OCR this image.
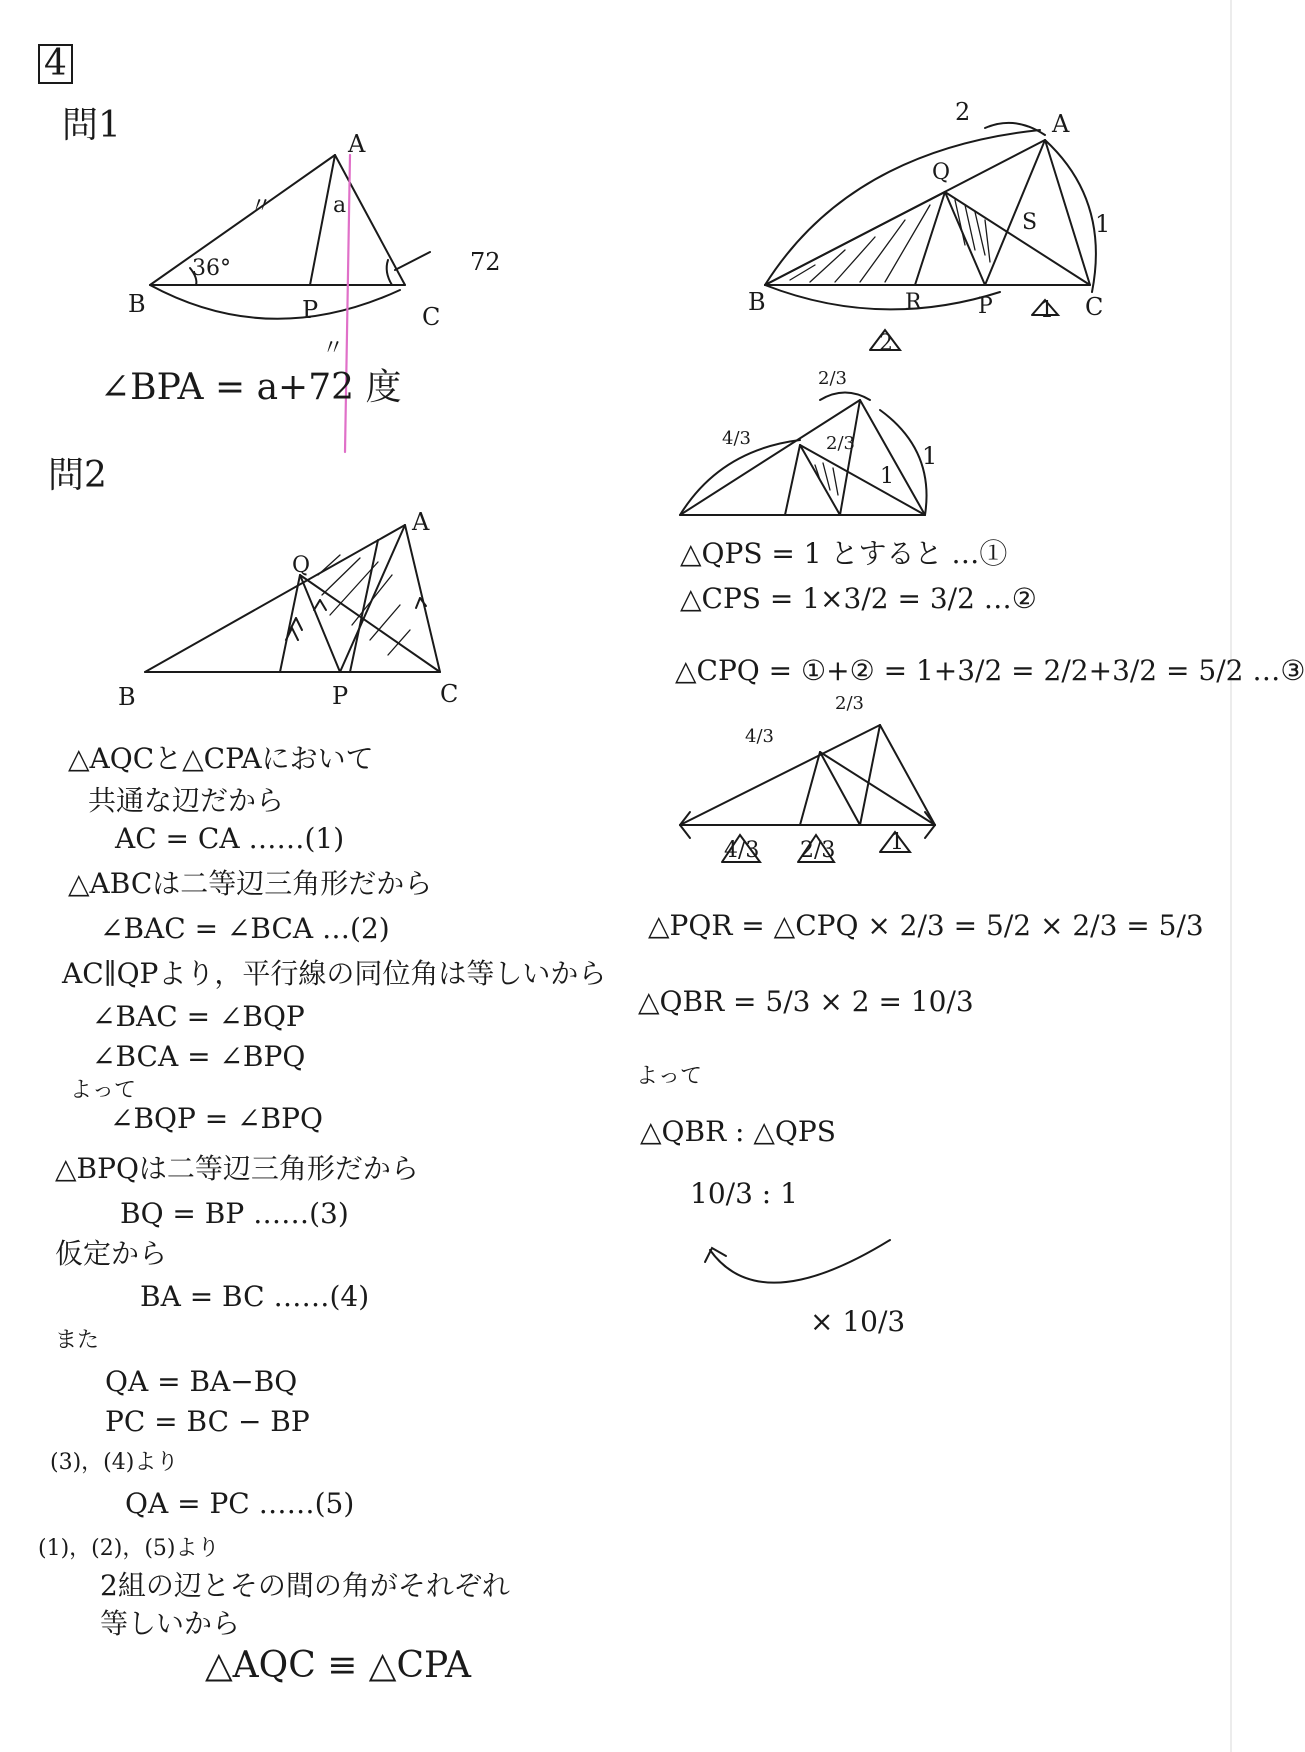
4
問1	A
B	C
P
a
36°	72
〃
〃
∠BPA = a+72 度
問2
A
B	C
P
Q
△AQCと△CPAにおいて
共通な辺だから
AC = CA ……(1)
△ABCは二等辺三角形だから
∠BAC = ∠BCA …(2)
AC∥QPより，平行線の同位角は等しいから
∠BAC = ∠BQP
∠BCA = ∠BPQ
よって
∠BQP = ∠BPQ
△BPQは二等辺三角形だから
BQ = BP ……(3)
仮定から
BA = BC ……(4)
また
QA = BA−BQ
PC = BC − BP
(3)，(4)より
QA = PC ……(5)
(1)，(2)，(5)より
2組の辺とその間の角がそれぞれ
等しいから
△AQC ≡ △CPA
A
B	C
P
Q
R
S
2
1
1
2
2/3
4/3	2/3
1
1
△QPS = 1 とすると …①
△CPS = 1×3/2 = 3/2 …②
△CPQ = ①+② = 1+3/2 = 2/2+3/2 = 5/2 …③
2/3
4/3
4/3 2/3 1
△PQR = △CPQ × 2/3 = 5/2 × 2/3 = 5/3
△QBR = 5/3 × 2 = 10/3
よって
△QBR : △QPS
10/3 : 1
× 10/3
